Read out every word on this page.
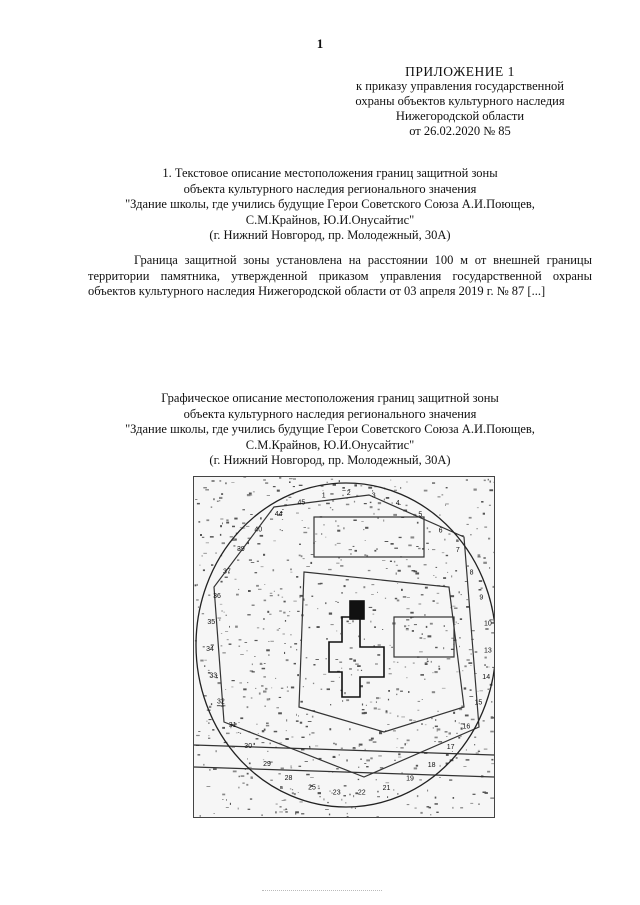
1
ПРИЛОЖЕНИЕ 1
к приказу управления государственной
охраны объектов культурного наследия
Нижегородской области
от 26.02.2020 № 85
1. Текстовое описание местоположения границ защитной зоны
объекта культурного наследия регионального значения
"Здание школы, где учились будущие Герои Советского Союза А.И.Поющев,
С.М.Крайнов, Ю.И.Онусайтис"
(г. Нижний Новгород, пр. Молодежный, 30А)

Граница защитной зоны установлена на расстоянии 100 м от внешней границы территории памятника, утвержденной приказом управления государственной охраны объектов культурного наследия Нижегородской области от 03 апреля 2019 г. № 87 [...]

Графическое описание местоположения границ защитной зоны
объекта культурного наследия регионального значения
"Здание школы, где учились будущие Герои Советского Союза А.И.Поющев,
С.М.Крайнов, Ю.И.Онусайтис"
(г. Нижний Новгород, пр. Молодежный, 30А)
1	2	3
4
5
6
7
8
9
10
13
14
15
16
17
18
19
21
22
23
25
28
29
30
31
32
33
34
35
36
37
39
40
44
45
